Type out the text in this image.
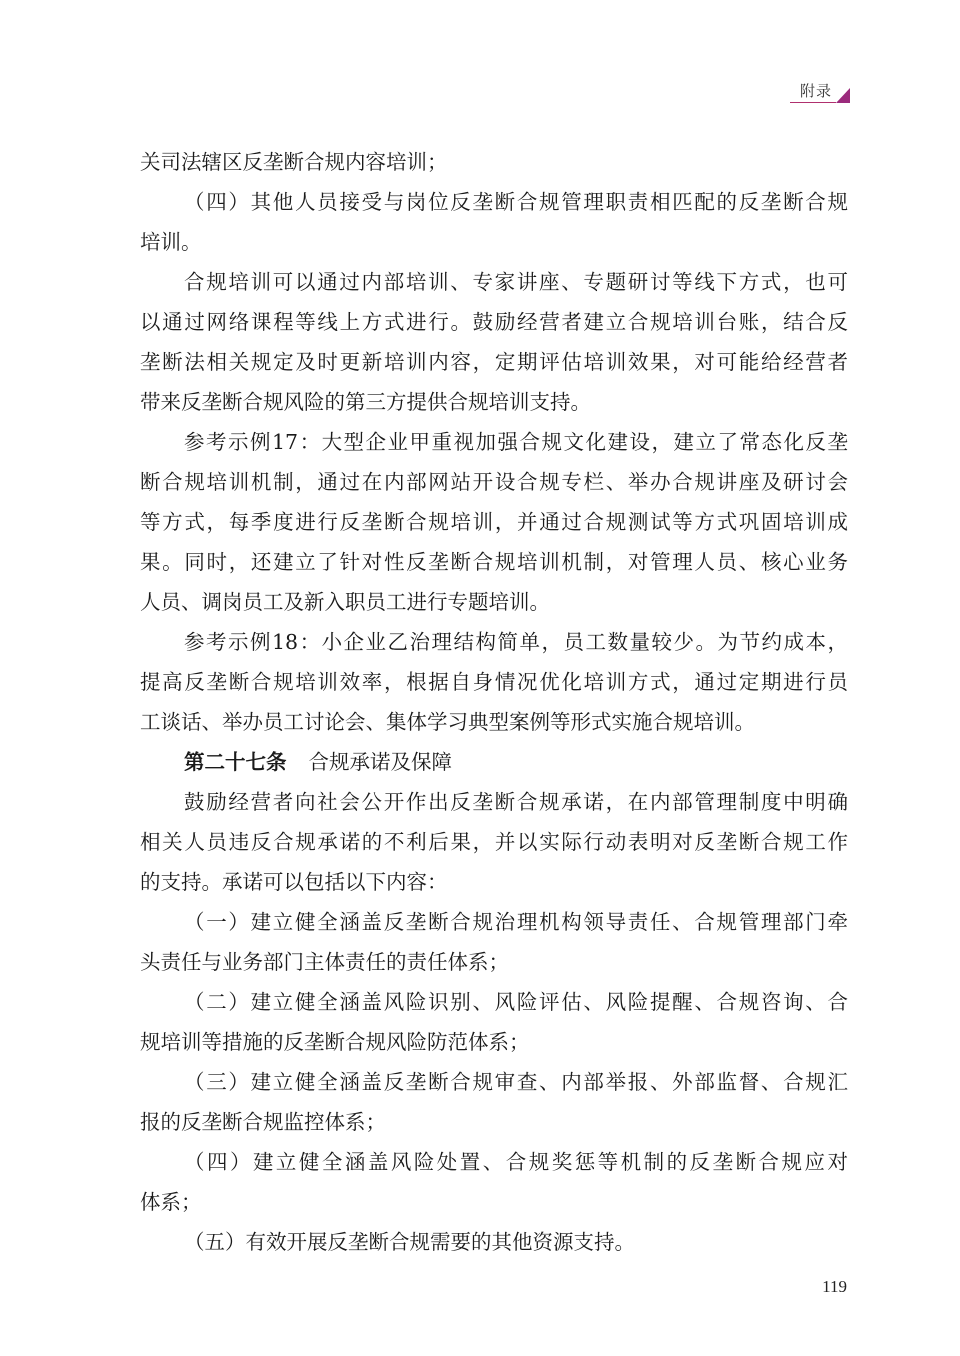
附录
关司法辖区反垄断合规内容培训；
（四）其他人员接受与岗位反垄断合规管理职责相匹配的反垄断合规
培训。
合规培训可以通过内部培训、专家讲座、专题研讨等线下方式，也可
以通过网络课程等线上方式进行。鼓励经营者建立合规培训台账，结合反
垄断法相关规定及时更新培训内容，定期评估培训效果，对可能给经营者
带来反垄断合规风险的第三方提供合规培训支持。
参考示例17：大型企业甲重视加强合规文化建设，建立了常态化反垄
断合规培训机制，通过在内部网站开设合规专栏、举办合规讲座及研讨会
等方式，每季度进行反垄断合规培训，并通过合规测试等方式巩固培训成
果。同时，还建立了针对性反垄断合规培训机制，对管理人员、核心业务
人员、调岗员工及新入职员工进行专题培训。
参考示例18：小企业乙治理结构简单，员工数量较少。为节约成本，
提高反垄断合规培训效率，根据自身情况优化培训方式，通过定期进行员
工谈话、举办员工讨论会、集体学习典型案例等形式实施合规培训。
第二十七条 合规承诺及保障
鼓励经营者向社会公开作出反垄断合规承诺，在内部管理制度中明确
相关人员违反合规承诺的不利后果，并以实际行动表明对反垄断合规工作
的支持。承诺可以包括以下内容：
（一）建立健全涵盖反垄断合规治理机构领导责任、合规管理部门牵
头责任与业务部门主体责任的责任体系；
（二）建立健全涵盖风险识别、风险评估、风险提醒、合规咨询、合
规培训等措施的反垄断合规风险防范体系；
（三）建立健全涵盖反垄断合规审查、内部举报、外部监督、合规汇
报的反垄断合规监控体系；
（四）建立健全涵盖风险处置、合规奖惩等机制的反垄断合规应对
体系；
（五）有效开展反垄断合规需要的其他资源支持。
119
